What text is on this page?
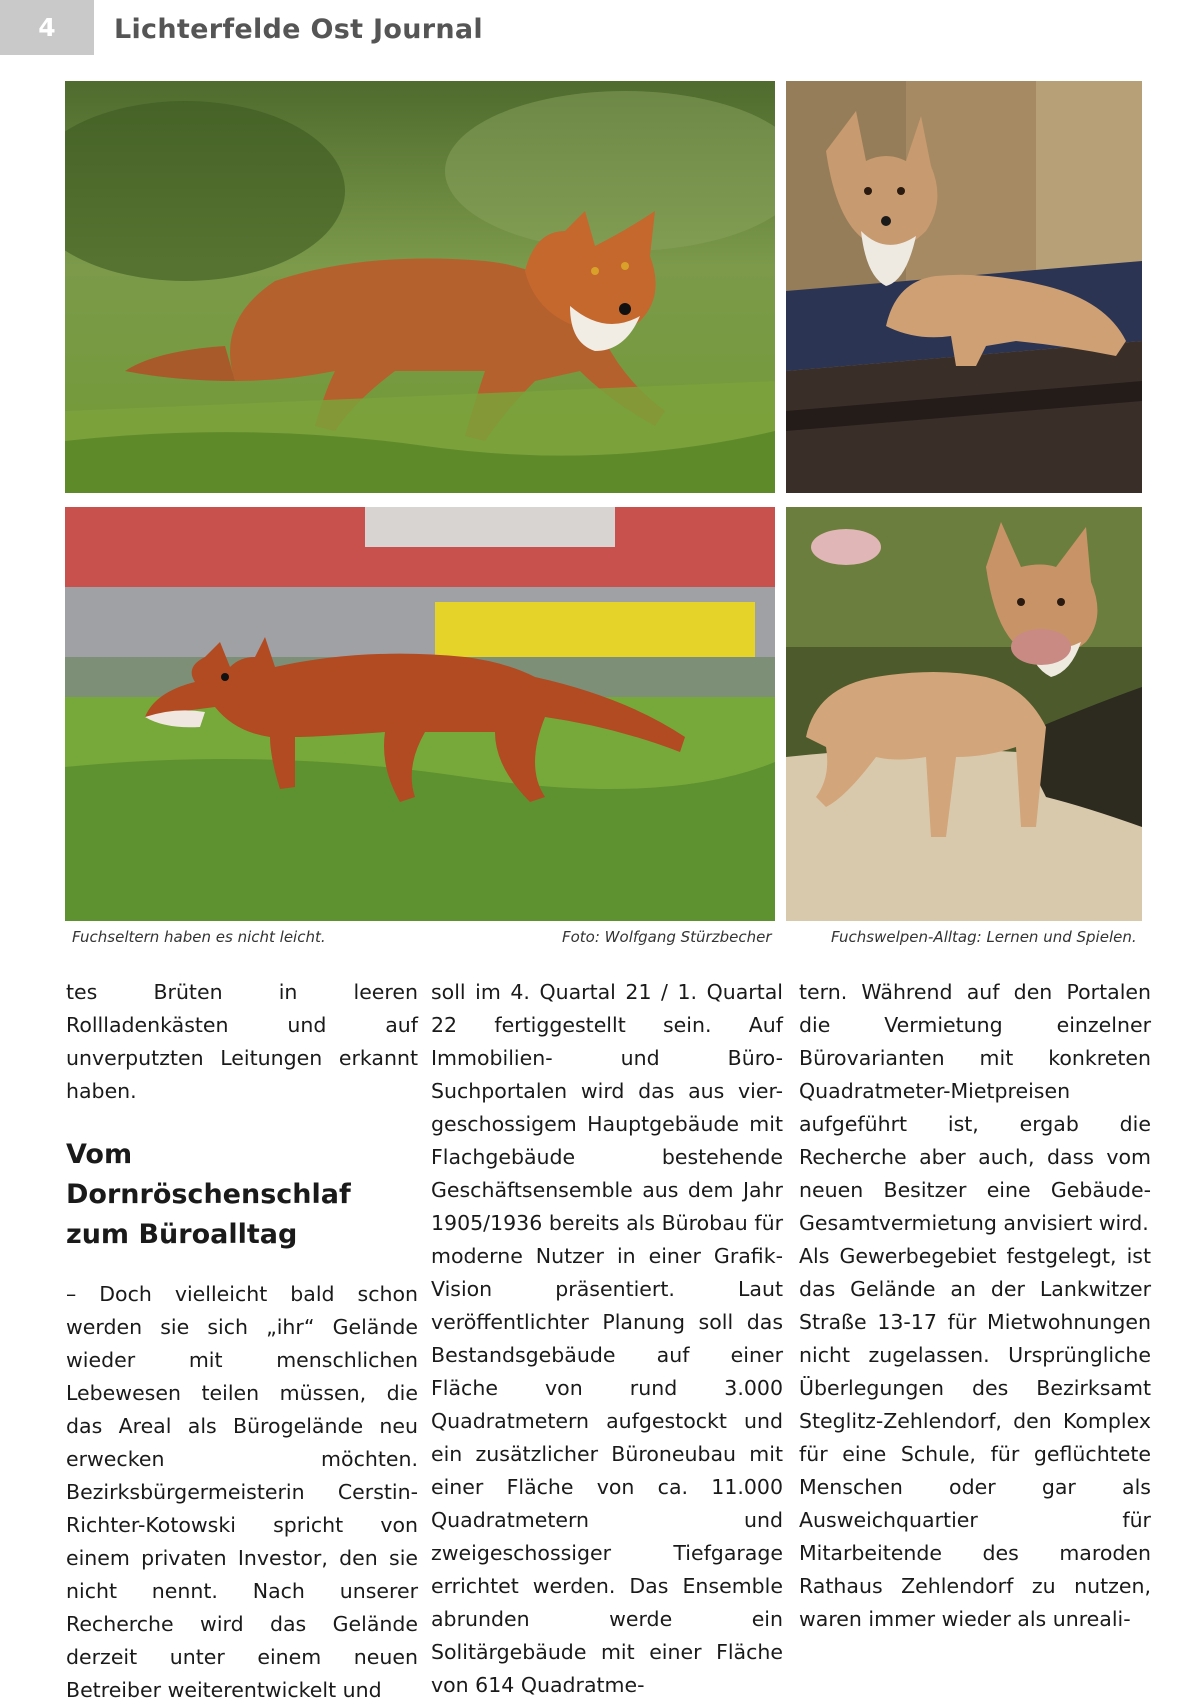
4	Lichterfelde Ost Journal
Fuchseltern haben es nicht leicht.	Foto: Wolfgang Stürzbecher	Fuchswelpen-Alltag: Lernen und Spielen.

tes Brüten in leeren Rollladenkästen und auf unverputzten Leitungen erkannt haben.

Vom Dornröschenschlaf zum Büroalltag

– Doch vielleicht bald schon werden sie sich „ihr“ Gelände wieder mit menschlichen Lebewesen teilen müssen, die das Areal als Bürogelände neu erwecken möchten. Bezirksbürgermeisterin Cerstin-Richter-Kotowski spricht von einem privaten Investor, den sie nicht nennt. Nach unserer Recherche wird das Gelände derzeit unter einem neuen Betreiber weiterentwickelt und

soll im 4. Quartal 21 / 1. Quartal 22 fertiggestellt sein. Auf Immobilien- und Büro-Suchportalen wird das aus vier-geschossigem Hauptgebäude mit Flachgebäude bestehende Geschäftsensemble aus dem Jahr 1905/1936 bereits als Bürobau für moderne Nutzer in einer Grafik-Vision präsentiert. Laut veröffentlichter Planung soll das Bestandsgebäude auf einer Fläche von rund 3.000 Quadratmetern aufgestockt und ein zusätzlicher Büroneubau mit einer Fläche von ca. 11.000 Quadratmetern und zweigeschossiger Tiefgarage errichtet werden. Das Ensemble abrunden werde ein Solitärgebäude mit einer Fläche von 614 Quadratme-

tern. Während auf den Portalen die Vermietung einzelner Bürovarianten mit konkreten Quadratmeter-Mietpreisen aufgeführt ist, ergab die Recherche aber auch, dass vom neuen Besitzer eine Gebäude-Gesamtvermietung anvisiert wird.

Als Gewerbegebiet festgelegt, ist das Gelände an der Lankwitzer Straße 13-17 für Mietwohnungen nicht zugelassen. Ursprüngliche Überlegungen des Bezirksamt Steglitz-Zehlendorf, den Komplex für eine Schule, für geflüchtete Menschen oder gar als Ausweichquartier für Mitarbeitende des maroden Rathaus Zehlendorf zu nutzen, waren immer wieder als unreali-
